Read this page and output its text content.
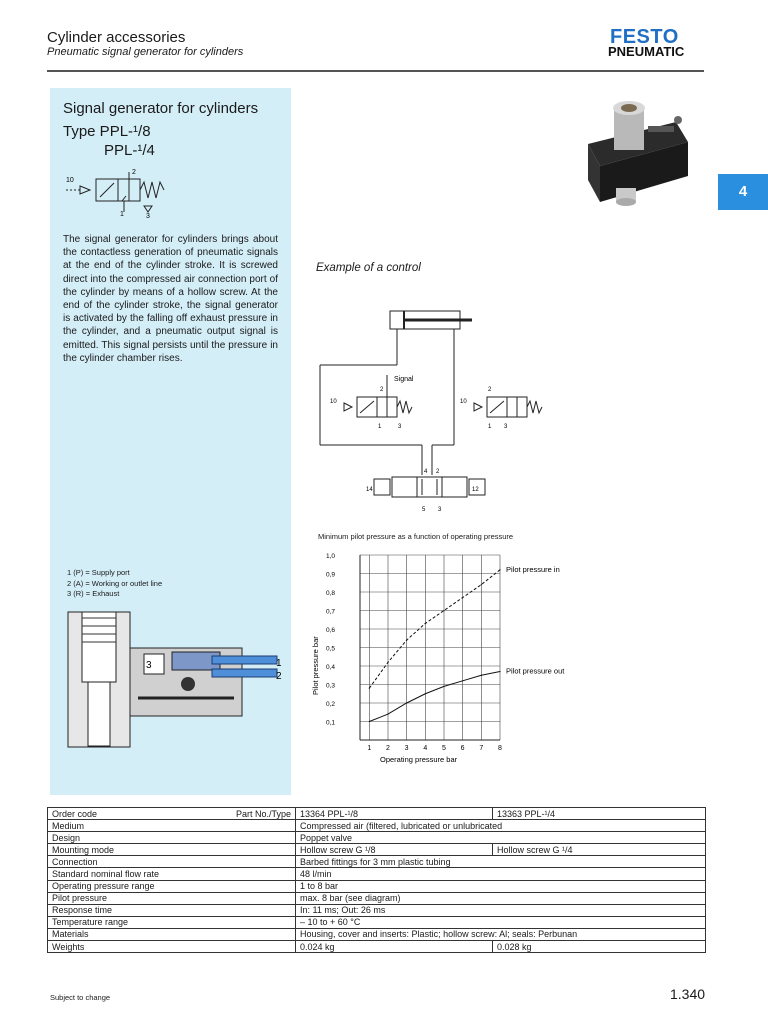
Cylinder accessories
Pneumatic signal generator for cylinders
FESTO
PNEUMATIC
4
Signal generator for cylinders
Type PPL-¹/8
PPL-¹/4
10
2
1	3
The signal generator for cylinders brings about the contactless generation of pneumatic signals at the end of the cylinder stroke. It is screwed direct into the compressed air connection port of the cylinder by means of a hollow screw. At the end of the cylinder stroke, the signal generator is activated by the falling off exhaust pressure in the cylinder, and a pneumatic output signal is emitted. This signal persists until the pressure in the cylinder chamber rises.
1 (P) = Supply port
2 (A) = Working or outlet line
3 (R) = Exhaust
3	1
2
Example of a control
Signal
2
10
1	3
2
10
1 3
4 2
14	12
5 3
Minimum pilot pressure as a function of operating pressure
1 2 3 4 5 6 7 8
0,1
0,2
0,3
0,4
0,5
0,6
0,7
0,8
0,9
1,0
Operating pressure bar
Pilot pressure bar
Pilot pressure in
Pilot pressure out
Order code Part No./Type	13364 PPL-¹/8	13363 PPL-¹/4
Medium	Compressed air (filtered, lubricated or unlubricated	
Design	Poppet valve	
Mounting mode	Hollow screw G ¹/8	Hollow screw G ¹/4
Connection	Barbed fittings for 3 mm plastic tubing	
Standard nominal flow rate	48 l/min	
Operating pressure range	1 to 8 bar	
Pilot pressure	max. 8 bar (see diagram)	
Response time	In: 11 ms; Out: 26 ms	
Temperature range	– 10 to + 60 °C	
Materials	Housing, cover and inserts: Plastic; hollow screw: Al; seals: Perbunan	
Weights	0.024 kg	0.028 kg
Subject to change	1.340
